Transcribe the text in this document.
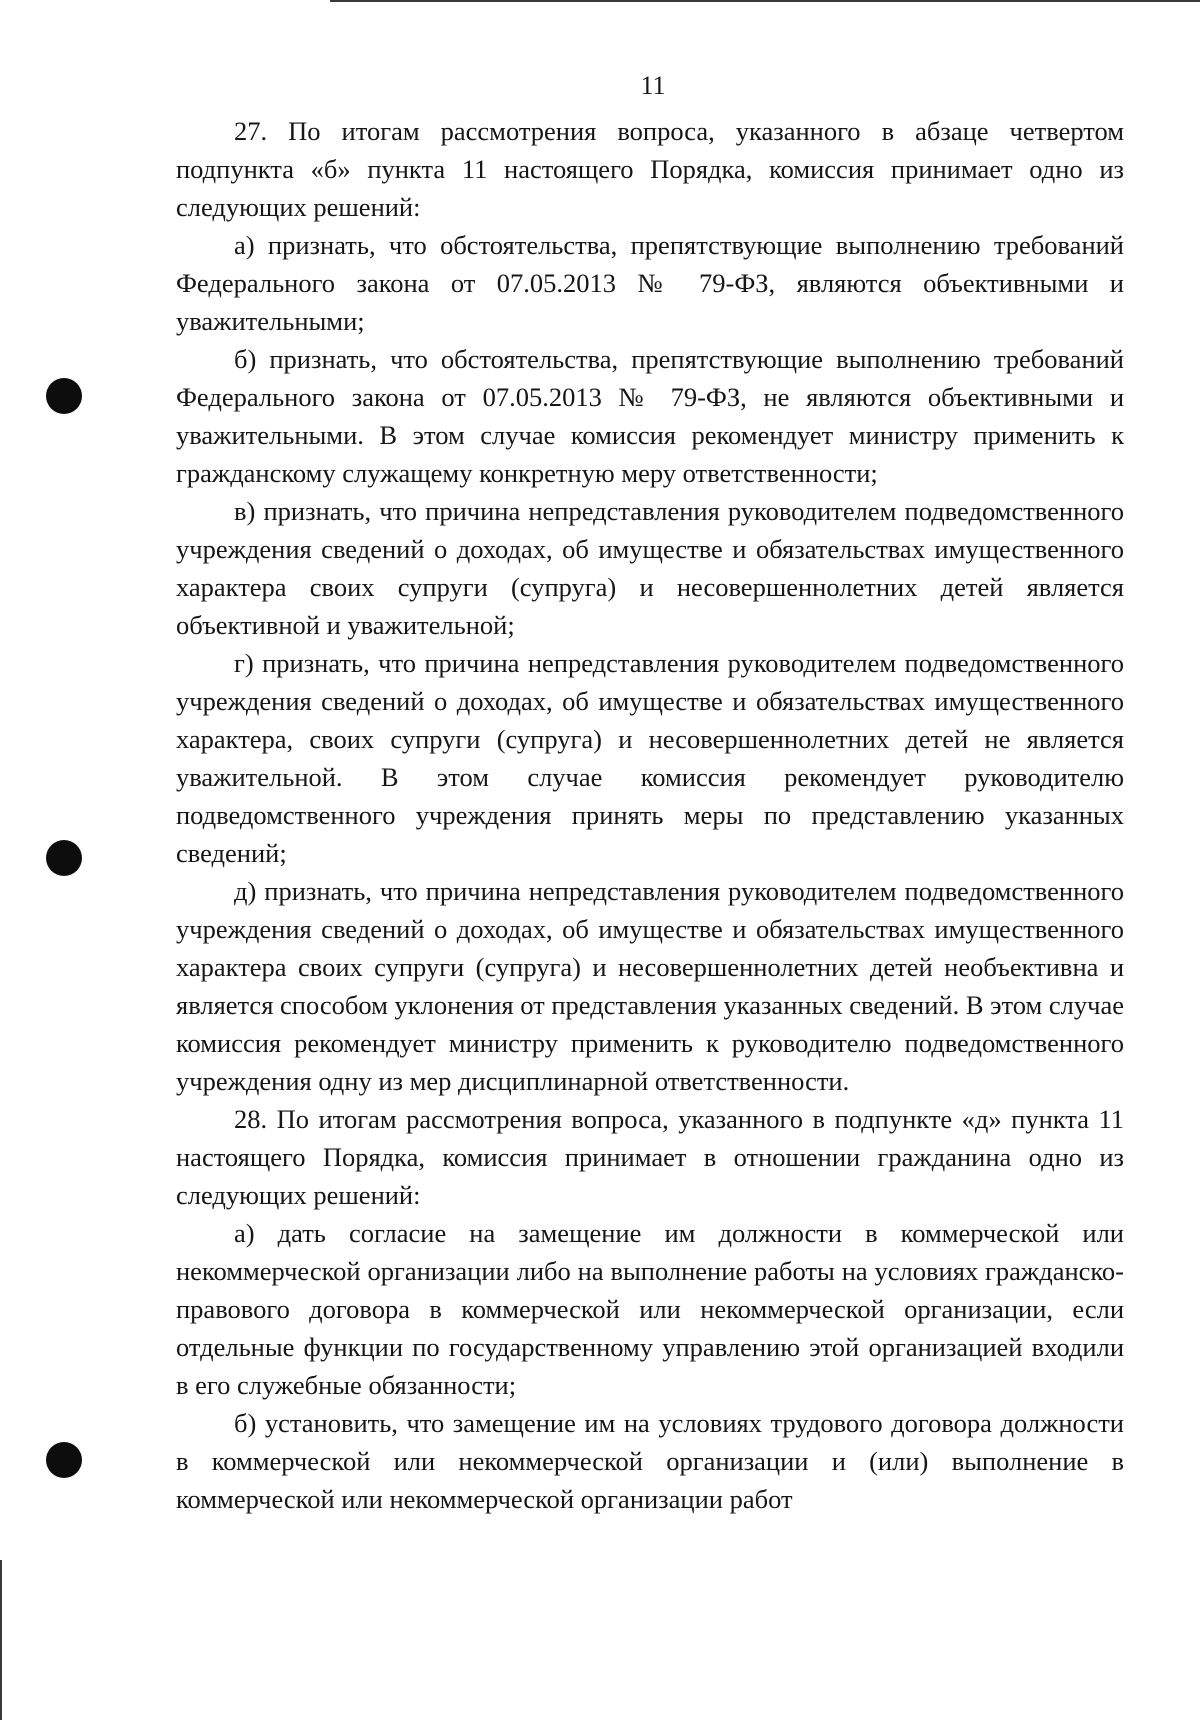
11

27. По итогам рассмотрения вопроса, указанного в абзаце четвертом подпункта «б» пункта 11 настоящего Порядка, комиссия принимает одно из следующих решений:

а) признать, что обстоятельства, препятствующие выполнению требований Федерального закона от 07.05.2013 № 79-ФЗ, являются объективными и уважительными;

б) признать, что обстоятельства, препятствующие выполнению требований Федерального закона от 07.05.2013 № 79-ФЗ, не являются объективными и уважительными. В этом случае комиссия рекомендует министру применить к гражданскому служащему конкретную меру ответственности;

в) признать, что причина непредставления руководителем подведомственного учреждения сведений о доходах, об имуществе и обязательствах имущественного характера своих супруги (супруга) и несовершеннолетних детей является объективной и уважительной;

г) признать, что причина непредставления руководителем подведомственного учреждения сведений о доходах, об имуществе и обязательствах имущественного характера, своих супруги (супруга) и несовершеннолетних детей не является уважительной. В этом случае комиссия рекомендует руководителю подведомственного учреждения принять меры по представлению указанных сведений;

д) признать, что причина непредставления руководителем подведомственного учреждения сведений о доходах, об имуществе и обязательствах имущественного характера своих супруги (супруга) и несовершеннолетних детей необъективна и является способом уклонения от представления указанных сведений. В этом случае комиссия рекомендует министру применить к руководителю подведомственного учреждения одну из мер дисциплинарной ответственности.

28. По итогам рассмотрения вопроса, указанного в подпункте «д» пункта 11 настоящего Порядка, комиссия принимает в отношении гражданина одно из следующих решений:

а) дать согласие на замещение им должности в коммерческой или некоммерческой организации либо на выполнение работы на условиях гражданско-правового договора в коммерческой или некоммерческой организации, если отдельные функции по государственному управлению этой организацией входили в его служебные обязанности;

б) установить, что замещение им на условиях трудового договора должности в коммерческой или некоммерческой организации и (или) выполнение в коммерческой или некоммерческой организации работ
